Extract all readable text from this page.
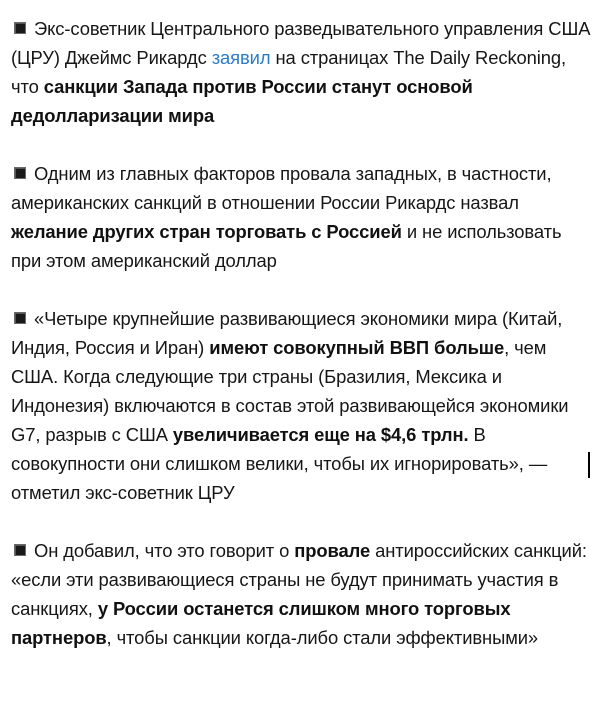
Экс-советник Центрального разведывательного управления США (ЦРУ) Джеймс Рикардс заявил на страницах The Daily Reckoning, что санкции Запада против России станут основой дедолларизации мира

Одним из главных факторов провала западных, в частности, американских санкций в отношении России Рикардс назвал желание других стран торговать с Россией и не использовать при этом американский доллар

«Четыре крупнейшие развивающиеся экономики мира (Китай, Индия, Россия и Иран) имеют совокупный ВВП больше, чем США. Когда следующие три страны (Бразилия, Мексика и Индонезия) включаются в состав этой развивающейся экономики G7, разрыв с США увеличивается еще на $4,6 трлн. В совокупности они слишком велики, чтобы их игнорировать», — отметил экс-советник ЦРУ

Он добавил, что это говорит о провале антироссийских санкций: «если эти развивающиеся страны не будут принимать участия в санкциях, у России останется слишком много торговых партнеров, чтобы санкции когда-либо стали эффективными»
